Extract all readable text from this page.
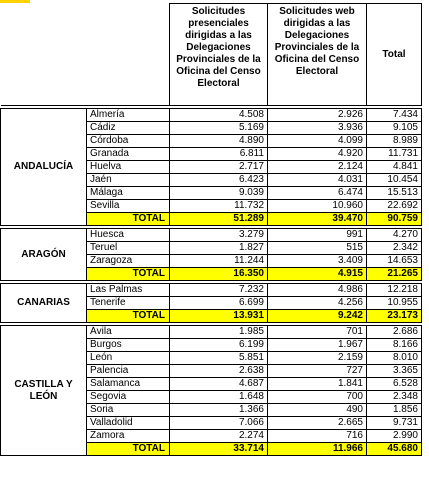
		Solicitudes presenciales dirigidas a las Delegaciones Provinciales de la Oficina del Censo Electoral	Solicitudes web dirigidas a las Delegaciones Provinciales de la Oficina del Censo Electoral	Total

ANDALUCÍA	Almería	4.508	2.926	7.434
	Cádiz	5.169	3.936	9.105
	Córdoba	4.890	4.099	8.989
	Granada	6.811	4.920	11.731
	Huelva	2.717	2.124	4.841
	Jaén	6.423	4.031	10.454
	Málaga	9.039	6.474	15.513
	Sevilla	11.732	10.960	22.692
	TOTAL	51.289	39.470	90.759

ARAGÓN	Huesca	3.279	991	4.270
	Teruel	1.827	515	2.342
	Zaragoza	11.244	3.409	14.653
	TOTAL	16.350	4.915	21.265

CANARIAS	Las Palmas	7.232	4.986	12.218
	Tenerife	6.699	4.256	10.955
	TOTAL	13.931	9.242	23.173

CASTILLA Y LEÓN	Ávila	1.985	701	2.686
	Burgos	6.199	1.967	8.166
	León	5.851	2.159	8.010
	Palencia	2.638	727	3.365
	Salamanca	4.687	1.841	6.528
	Segovia	1.648	700	2.348
	Soria	1.366	490	1.856
	Valladolid	7.066	2.665	9.731
	Zamora	2.274	716	2.990
	TOTAL	33.714	11.966	45.680
